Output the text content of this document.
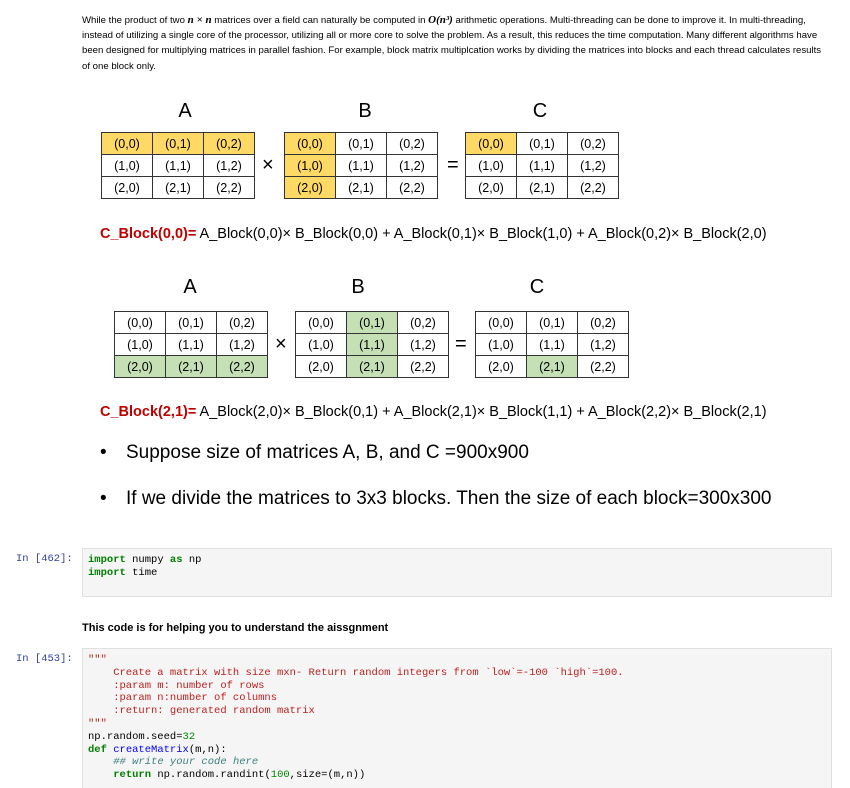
While the product of two n × n matrices over a field can naturally be computed in O(n³) arithmetic operations. Multi-threading can be done to improve it. In multi-threading, instead of utilizing a single core of the processor, utilizing all or more core to solve the problem. As a result, this reduces the time computation. Many different algorithms have been designed for multiplying matrices in parallel fashion. For example, block matrix multiplcation works by dividing the matrices into blocks and each thread calculates results of one block only.
A	B	C
(0,0)	(0,1)	(0,2)
(1,0)	(1,1)	(1,2)
(2,0)	(2,1)	(2,2)
×
(0,0)	(0,1)	(0,2)
(1,0)	(1,1)	(1,2)
(2,0)	(2,1)	(2,2)
=
(0,0)	(0,1)	(0,2)
(1,0)	(1,1)	(1,2)
(2,0)	(2,1)	(2,2)
C_Block(0,0)= A_Block(0,0)× B_Block(0,0) + A_Block(0,1)× B_Block(1,0) + A_Block(0,2)× B_Block(2,0)
A	B	C
(0,0)	(0,1)	(0,2)
(1,0)	(1,1)	(1,2)
(2,0)	(2,1)	(2,2)
×
(0,0)	(0,1)	(0,2)
(1,0)	(1,1)	(1,2)
(2,0)	(2,1)	(2,2)
=
(0,0)	(0,1)	(0,2)
(1,0)	(1,1)	(1,2)
(2,0)	(2,1)	(2,2)
C_Block(2,1)= A_Block(2,0)× B_Block(0,1) + A_Block(2,1)× B_Block(1,1) + A_Block(2,2)× B_Block(2,1)
• Suppose size of matrices A, B, and C =900x900
• If we divide the matrices to 3x3 blocks. Then the size of each block=300x300
In [462]:	import numpy as np
import time
This code is for helping you to understand the aissgnment
In [453]:	"""
Create a matrix with size mxn- Return random integers from `low`=-100 `high`=100.
:param m: number of rows
:param n:number of columns
:return: generated random matrix
"""
np.random.seed=32
def createMatrix(m,n):
## write your code here
return np.random.randint(100,size=(m,n))
